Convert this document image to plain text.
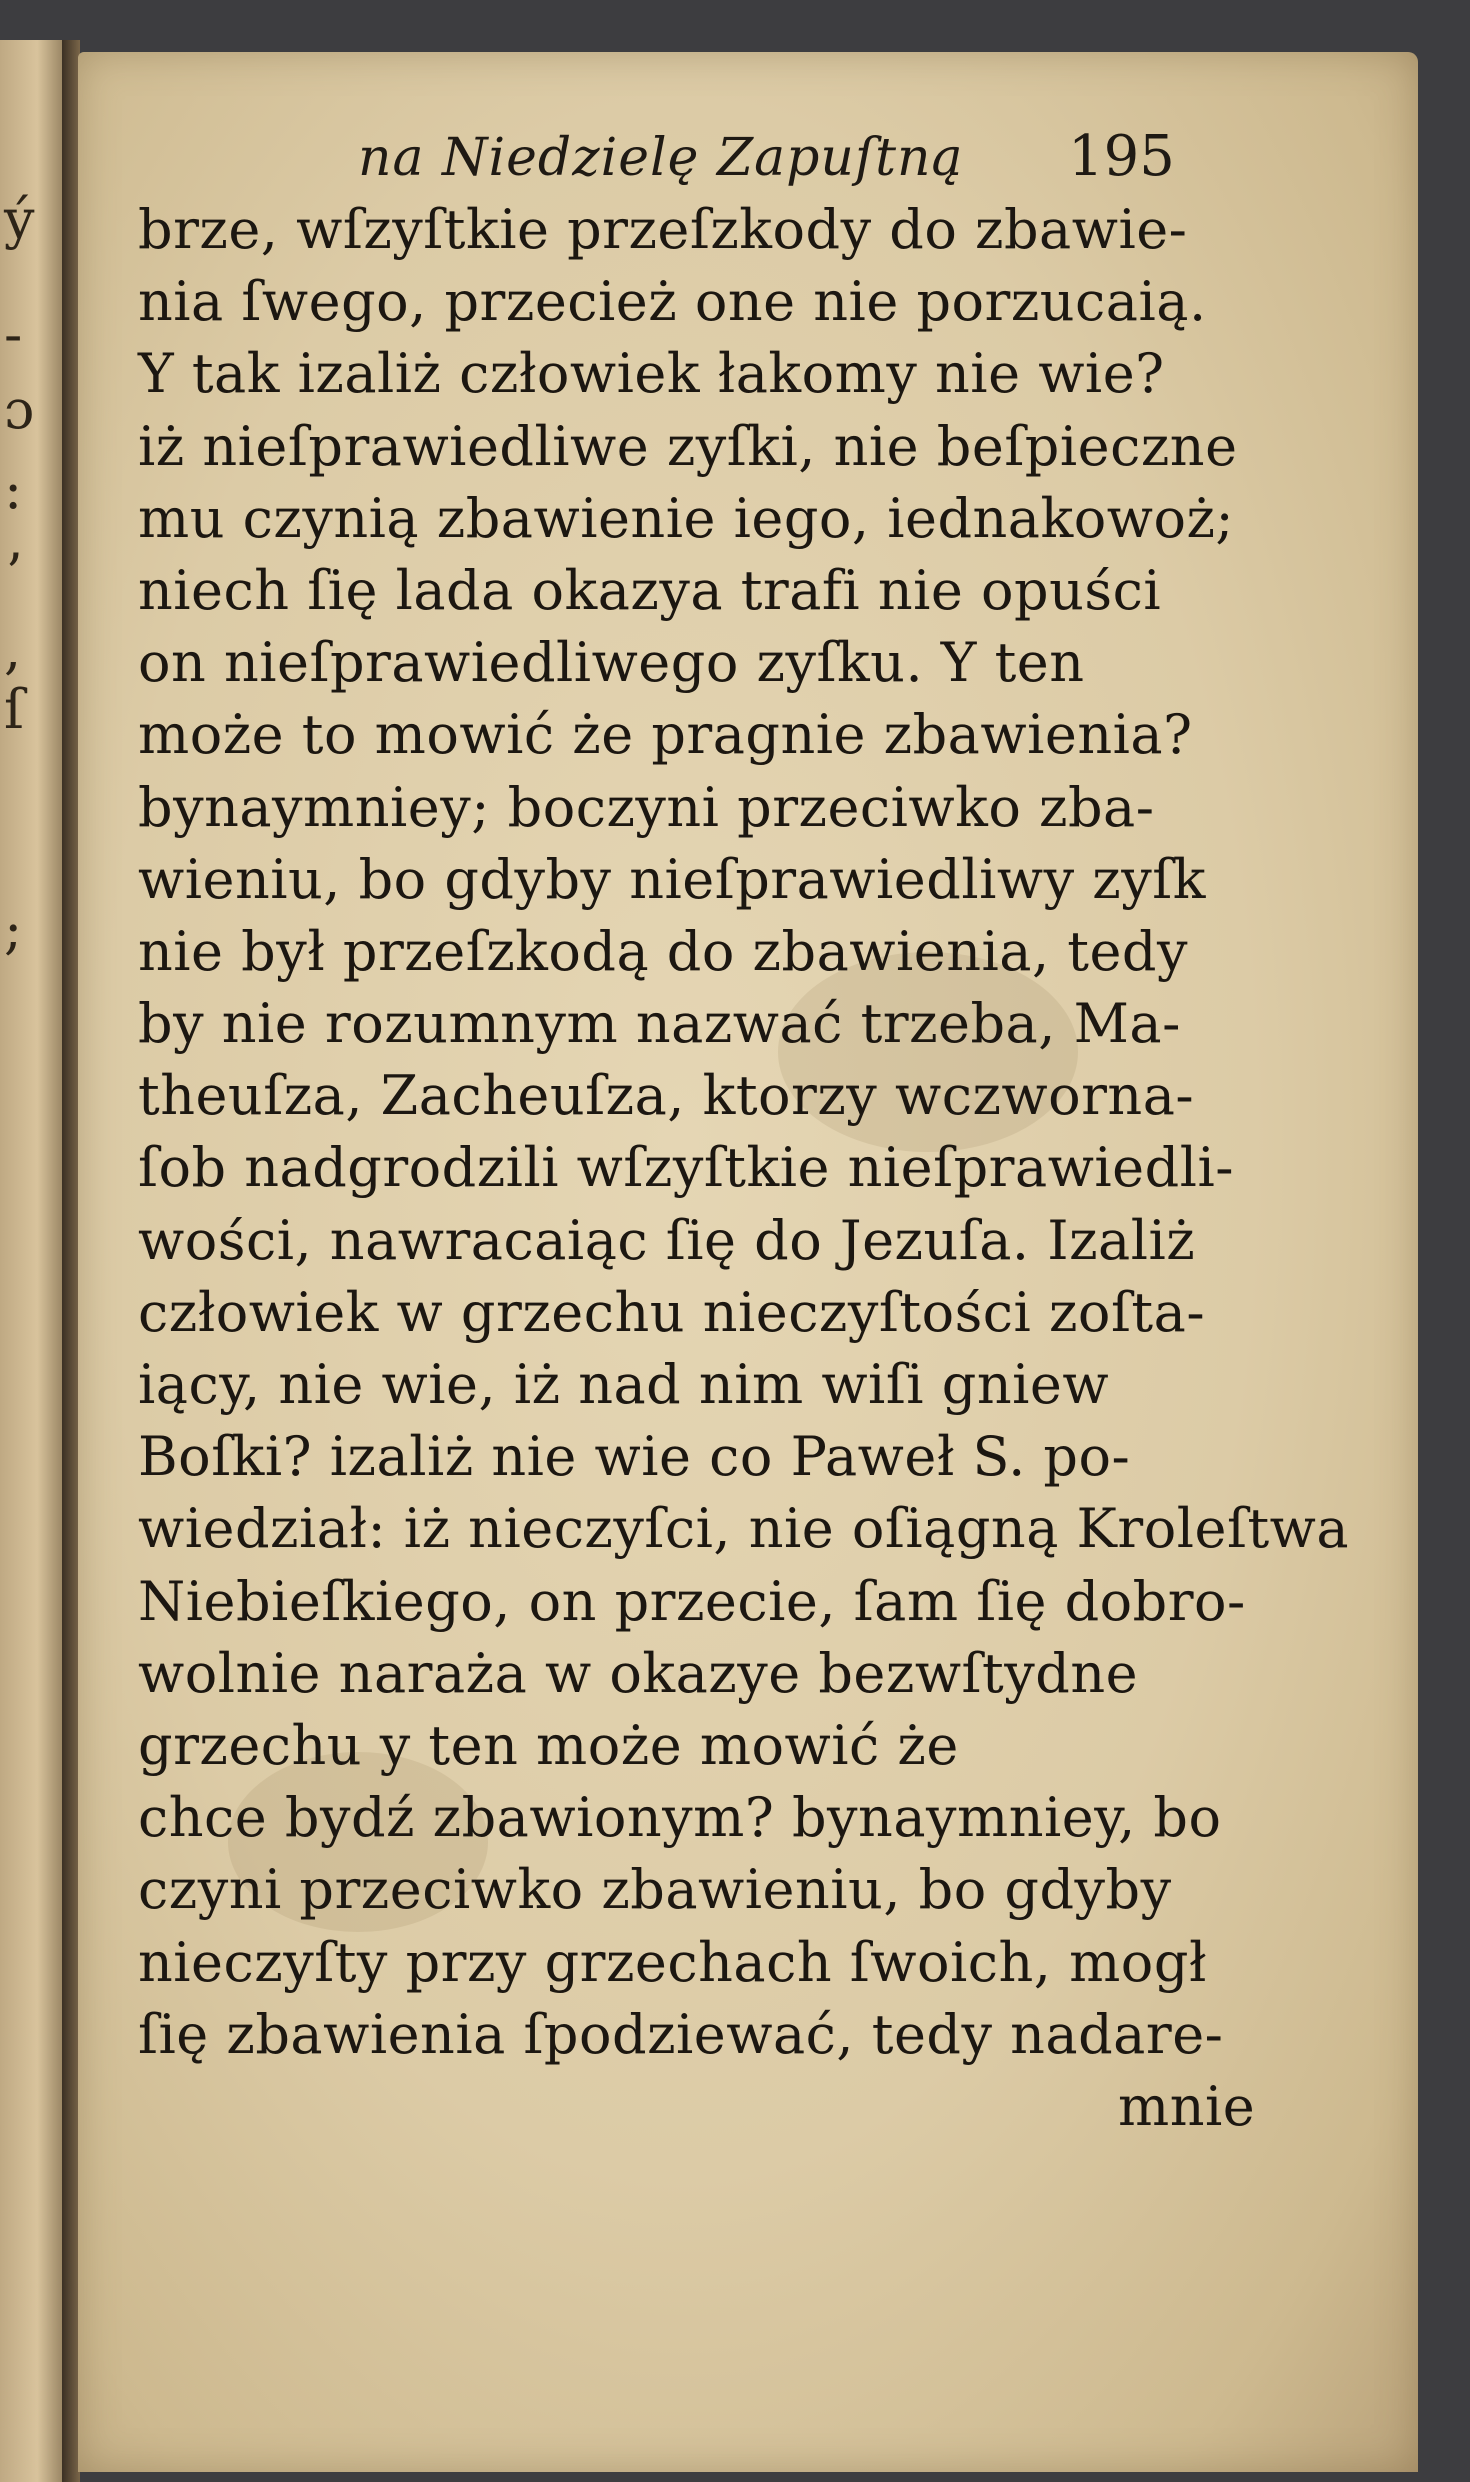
ý
-
ɔ
:
ʼ
,
ſ
;
na Niedzielę Zapuſtną 195
brze, wſzyſtkie przeſzkody do zbawie-
nia ſwego, przecież one nie porzucaią.
Y tak izaliż człowiek łakomy nie wie?
iż nieſprawiedliwe zyſki, nie beſpieczne
mu czynią zbawienie iego, iednakowoż;
niech ſię lada okazya trafi nie opuści
on nieſprawiedliwego zyſku. Y ten
może to mowić że pragnie zbawienia?
bynaymniey; boczyni przeciwko zba-
wieniu, bo gdyby nieſprawiedliwy zyſk
nie był przeſzkodą do zbawienia, tedy
by nie rozumnym nazwać trzeba, Ma-
theuſza, Zacheuſza, ktorzy wczworna-
ſob nadgrodzili wſzyſtkie nieſprawiedli-
wości, nawracaiąc ſię do Jezuſa. Izaliż
człowiek w grzechu nieczyſtości zoſta-
iący, nie wie, iż nad nim wiſi gniew
Boſki? izaliż nie wie co Paweł S. po-
wiedział: iż nieczyſci, nie oſiągną Kroleſtwa
Niebieſkiego, on przecie, ſam ſię dobro-
wolnie naraża w okazye bezwſtydne
grzechu y ten może mowić że
chce bydź zbawionym? bynaymniey, bo
czyni przeciwko zbawieniu, bo gdyby
nieczyſty przy grzechach ſwoich, mogł
ſię zbawienia ſpodziewać, tedy nadare-
mnie
